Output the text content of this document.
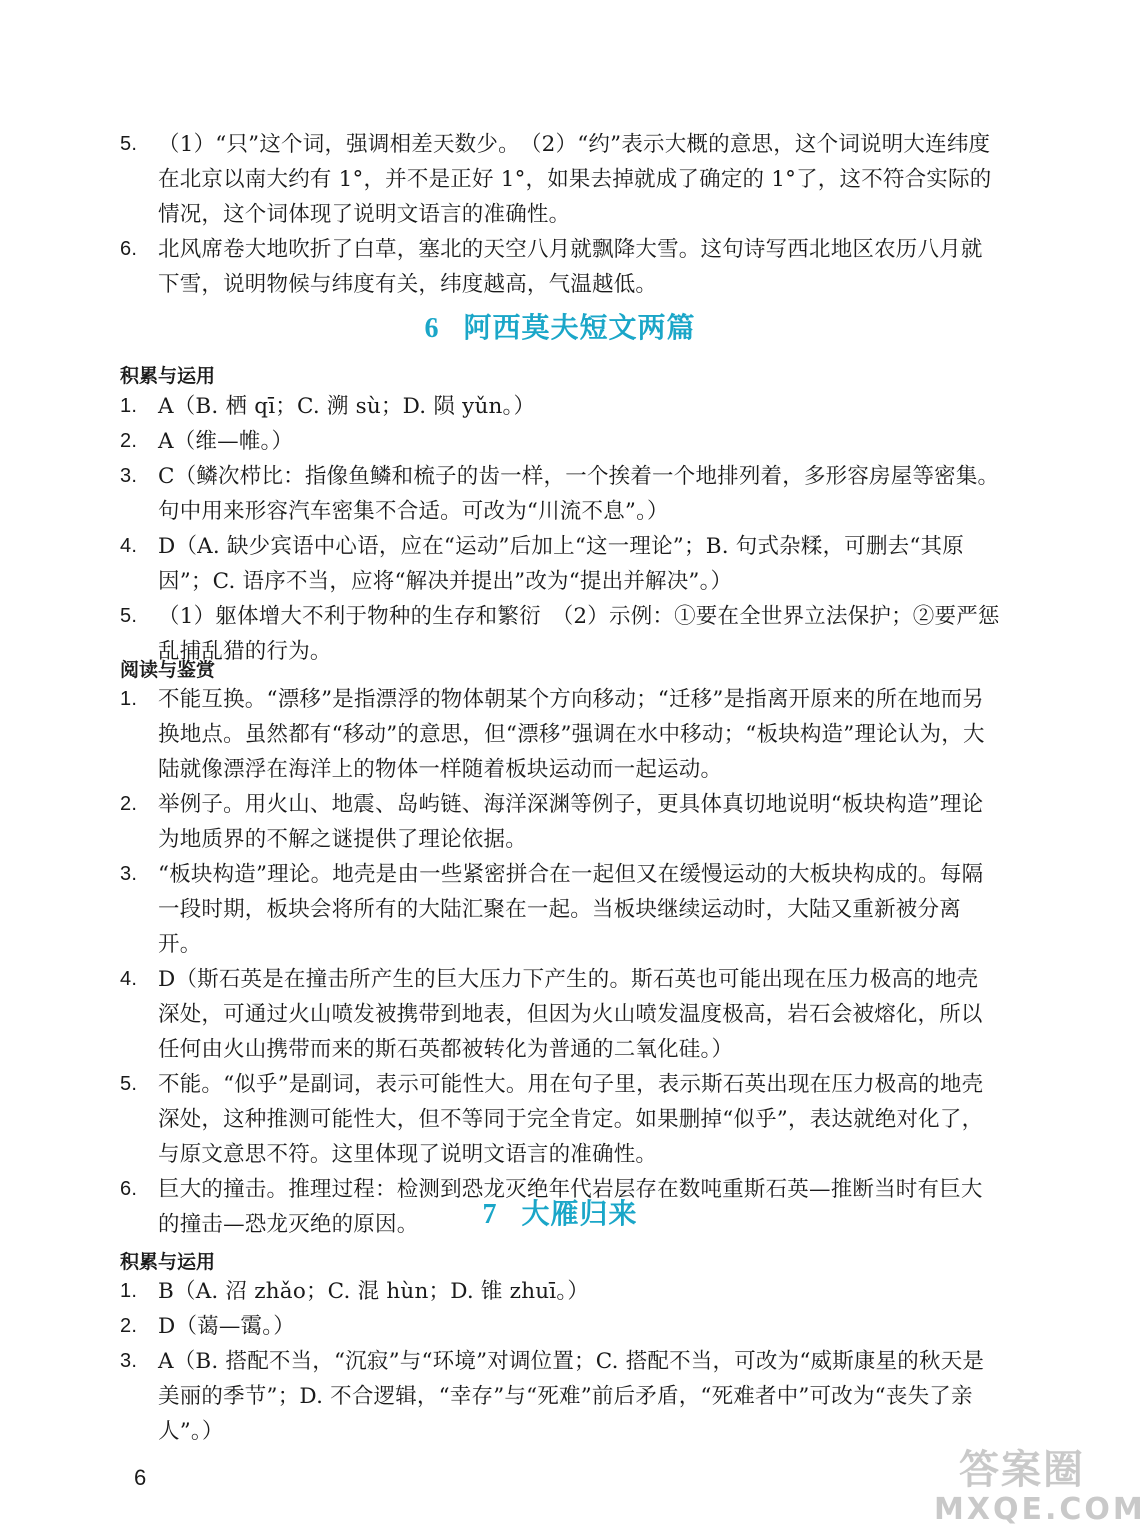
5. （1）“只”这个词，强调相差天数少。　（2）“约”表示大概的意思，这个词说明大连纬度在北京以南大约有 1°，并不是正好 1°，如果去掉就成了确定的 1°了，这不符合实际的情况，这个词体现了说明文语言的准确性。

6. 北风席卷大地吹折了白草，塞北的天空八月就飘降大雪。这句诗写西北地区农历八月就下雪，说明物候与纬度有关，纬度越高，气温越低。

6 阿西莫夫短文两篇
积累与运用

1. A（B. 栖 qī；C. 溯 sù；D. 陨 yǔn。）

2. A（维—帷。）

3. C（鳞次栉比：指像鱼鳞和梳子的齿一样，一个挨着一个地排列着，多形容房屋等密集。句中用来形容汽车密集不合适。可改为“川流不息”。）

4. D（A. 缺少宾语中心语，应在“运动”后加上“这一理论”；B. 句式杂糅，可删去“其原因”；C. 语序不当，应将“解决并提出”改为“提出并解决”。）

5. （1）躯体增大不利于物种的生存和繁衍　（2）示例：①要在全世界立法保护；②要严惩乱捕乱猎的行为。

阅读与鉴赏

1. 不能互换。“漂移”是指漂浮的物体朝某个方向移动；“迁移”是指离开原来的所在地而另换地点。虽然都有“移动”的意思，但“漂移”强调在水中移动；“板块构造”理论认为，大陆就像漂浮在海洋上的物体一样随着板块运动而一起运动。

2. 举例子。用火山、地震、岛屿链、海洋深渊等例子，更具体真切地说明“板块构造”理论为地质界的不解之谜提供了理论依据。

3. “板块构造”理论。地壳是由一些紧密拼合在一起但又在缓慢运动的大板块构成的。每隔一段时期，板块会将所有的大陆汇聚在一起。当板块继续运动时，大陆又重新被分离开。

4. D（斯石英是在撞击所产生的巨大压力下产生的。斯石英也可能出现在压力极高的地壳深处，可通过火山喷发被携带到地表，但因为火山喷发温度极高，岩石会被熔化，所以任何由火山携带而来的斯石英都被转化为普通的二氧化硅。）

5. 不能。“似乎”是副词，表示可能性大。用在句子里，表示斯石英出现在压力极高的地壳深处，这种推测可能性大，但不等同于完全肯定。如果删掉“似乎”，表达就绝对化了，与原文意思不符。这里体现了说明文语言的准确性。

6. 巨大的撞击。推理过程：检测到恐龙灭绝年代岩层存在数吨重斯石英—推断当时有巨大的撞击—恐龙灭绝的原因。	7 大雁归来
积累与运用

1. B（A. 沼 zhǎo；C. 混 hùn；D. 锥 zhuī。）

2. D（蔼—霭。）

3. A（B. 搭配不当，“沉寂”与“环境”对调位置；C. 搭配不当，可改为“威斯康星的秋天是美丽的季节”；D. 不合逻辑，“幸存”与“死难”前后矛盾，“死难者中”可改为“丧失了亲人”。）

6	答案圈
MXQE.COM
